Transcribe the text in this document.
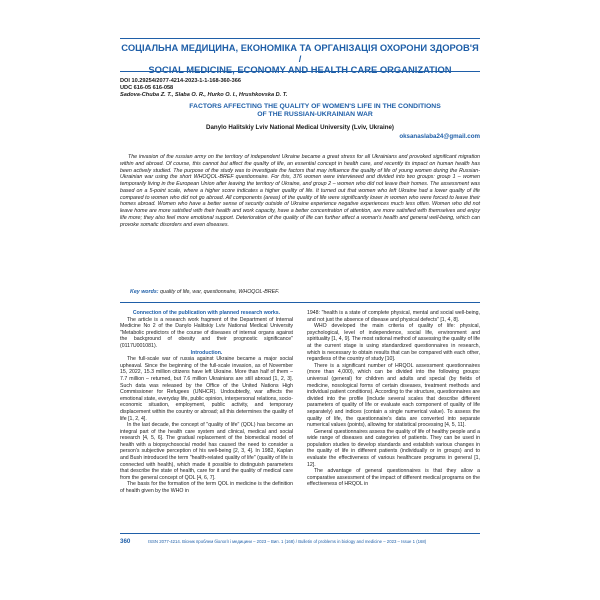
СОЦІАЛЬНА МЕДИЦИНА, ЕКОНОМІКА ТА ОРГАНІЗАЦІЯ ОХОРОНИ ЗДОРОВ'Я /
SOCIAL MEDICINE, ECONOMY AND HEALTH CARE ORGANIZATION
DOI 10.29254/2077-4214-2023-1-1-168-360-366
UDC 616-05 616-058
Sadova-Chuba Z. T., Slaba O. R., Hurko O. I., Hrushkovska D. T.
FACTORS AFFECTING THE QUALITY OF WOMEN'S LIFE IN THE CONDITIONS
OF THE RUSSIAN-UKRAINIAN WAR
Danylo Halitskiy Lviv National Medical University (Lviv, Ukraine)
oksanaslaba24@gmail.com
The invasion of the russian army on the territory of independent Ukraine became a great stress for all Ukrainians and provoked significant migration within and abroad. Of course, this cannot but affect the quality of life, an essential concept in health care, and recently its impact on human health has been actively studied. The purpose of the study was to investigate the factors that may influence the quality of life of young women during the Russian-Ukrainian war using the short WHOQOL-BREF questionnaire. For this, 376 women were interviewed and divided into two groups: group 1 – women temporarily living in the European Union after leaving the territory of Ukraine, and group 2 – women who did not leave their homes. The assessment was based on a 5-point scale, where a higher score indicates a higher quality of life. It turned out that women who left Ukraine had a lower quality of life compared to women who did not go abroad. All components (areas) of the quality of life were significantly lower in women who were forced to leave their homes abroad. Women who have a better sense of security outside of Ukraine experience negative experiences much less often. Women who did not leave home are more satisfied with their health and work capacity, have a better concentration of attention, are more satisfied with themselves and enjoy life more; they also feel more emotional support. Deterioration of the quality of life can further affect a woman's health and general well-being, which can provoke somatic disorders and even diseases.
Key words: quality of life, war, questionnaire, WHOQOL-BREF.

Connection of the publication with planned research works.

The article is a research work fragment of the Department of Internal Medicine No 2 of the Danylo Halitskiy Lviv National Medical University "Metabolic predictors of the course of diseases of internal organs against the background of obesity and their prognostic significance" (0117U001081).

Introduction.

The full-scale war of russia against Ukraine became a major social upheaval. Since the beginning of the full-scale invasion, as of November 15, 2022, 15.3 million citizens have left Ukraine. More than half of them – 7.7 million – returned, but 7.6 million Ukrainians are still abroad [1, 2, 3]. Such data was released by the Office of the United Nations High Commissioner for Refugees (UNHCR). Undoubtedly, war affects the emotional state, everyday life, public opinion, interpersonal relations, socio-economic situation, employment, public activity, and temporary displacement within the country or abroad; all this determines the quality of life [1, 2, 4].

In the last decade, the concept of "quality of life" (QOL) has become an integral part of the health care system and clinical, medical and social research [4, 5, 6]. The gradual replacement of the biomedical model of health with a biopsychosocial model has caused the need to consider a person's subjective perception of his well-being [2, 3, 4]. In 1982, Kaplan and Bush introduced the term "health-related quality of life" (quality of life is connected with health), which made it possible to distinguish parameters that describe the state of health, care for it and the quality of medical care from the general concept of QOL [4, 6, 7].

The basis for the formation of the term QOL in medicine is the definition of health given by the WHO in

1948: "health is a state of complete physical, mental and social well-being, and not just the absence of disease and physical defects" [1, 4, 8].

WHO developed the main criteria of quality of life: physical, psychological, level of independence, social life, environment and spirituality [1, 4, 9]. The most rational method of assessing the quality of life at the current stage is using standardized questionnaires in research, which is necessary to obtain results that can be compared with each other, regardless of the country of study [10].

There is a significant number of HRQOL assessment questionnaires (more than 4,000), which can be divided into the following groups: universal (general) for children and adults and special (by fields of medicine, nosological forms of certain diseases, treatment methods and individual patient conditions). According to the structure, questionnaires are divided into the profile (include several scales that describe different parameters of quality of life or evaluate each component of quality of life separately) and indices (contain a single numerical value). To assess the quality of life, the questionnaire's data are converted into separate numerical values (points), allowing for statistical processing [4, 5, 11].

General questionnaires assess the quality of life of healthy people and a wide range of diseases and categories of patients. They can be used in population studies to develop standards and establish various changes in the quality of life in different patients (individually or in groups) and to evaluate the effectiveness of various healthcare programs in general [1, 12].

The advantage of general questionnaires is that they allow a comparative assessment of the impact of different medical programs on the effectiveness of HRQOL in

360	ISSN 2077-4214. Вісник проблем біології і медицини – 2023 – Вип. 1 (168) / Bulletin of problems in biology and medicine – 2023 – Issue 1 (168)
